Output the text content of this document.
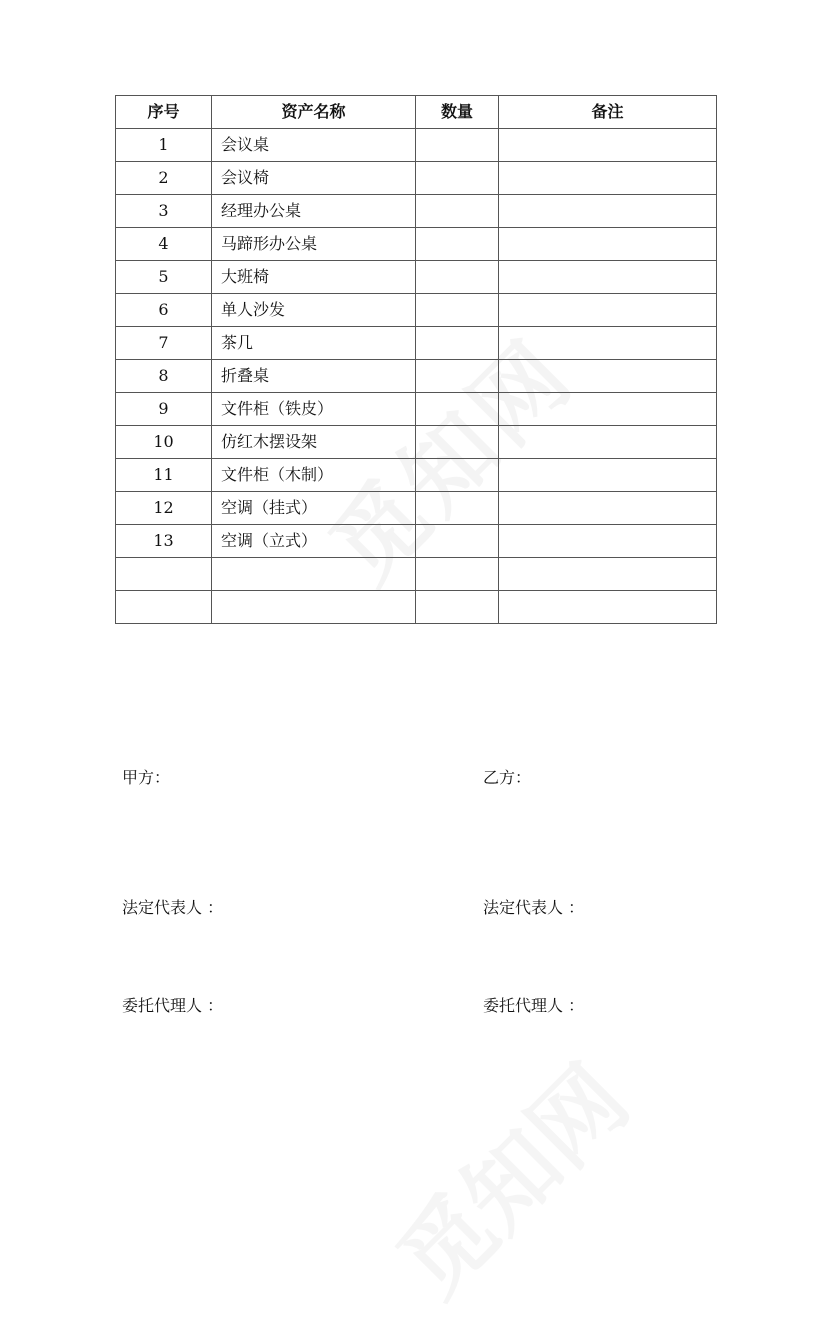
序号	资产名称	数量	备注
1	会议桌		
2	会议椅		
3	经理办公桌		
4	马蹄形办公桌		
5	大班椅		
6	单人沙发		
7	茶几		
8	折叠桌		
9	文件柜（铁皮）		
10	仿红木摆设架		
11	文件柜（木制）		
12	空调（挂式）		
13	空调（立式）		

甲方：	乙方：
法定代表人 ：	法定代表人 ：
委托代理人 ：	委托代理人 ：
